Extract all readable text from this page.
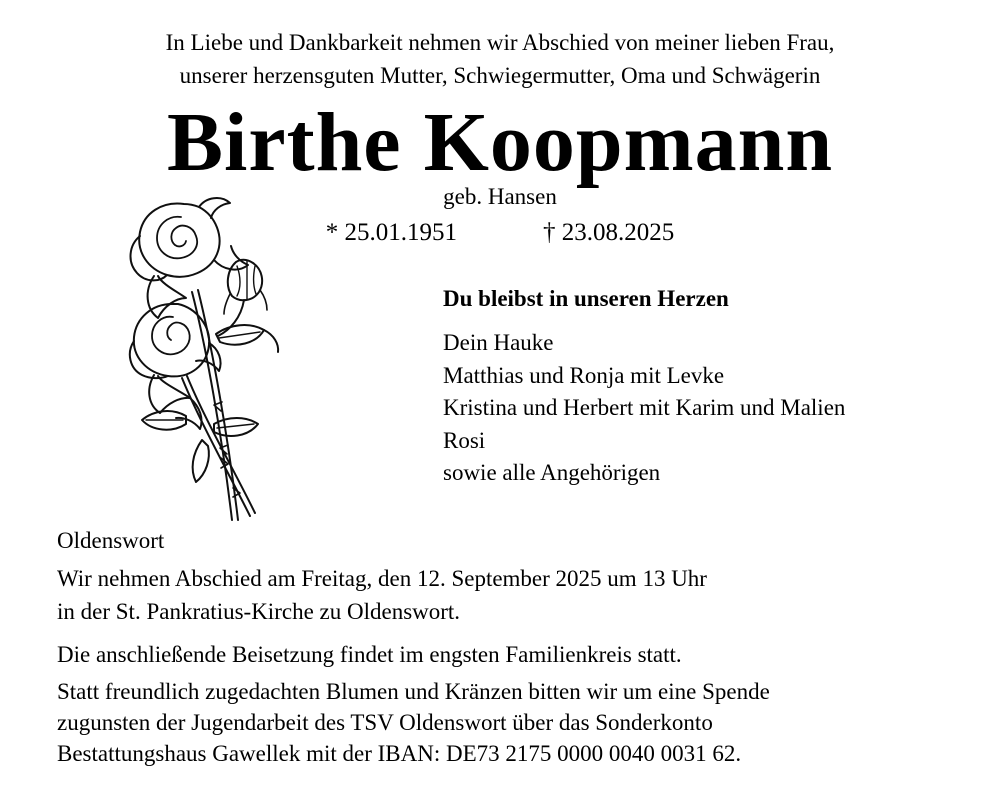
In Liebe und Dankbarkeit nehmen wir Abschied von meiner lieben Frau,
unserer herzensguten Mutter, Schwiegermutter, Oma und Schwägerin
Birthe Koopmann
geb. Hansen
* 25.01.1951	† 23.08.2025
Du bleibst in unseren Herzen
Dein Hauke
Matthias und Ronja mit Levke
Kristina und Herbert mit Karim und Malien
Rosi
sowie alle Angehörigen
Oldenswort
Wir nehmen Abschied am Freitag, den 12. September 2025 um 13 Uhr
in der St. Pankratius-Kirche zu Oldenswort.
Die anschließende Beisetzung findet im engsten Familienkreis statt.
Statt freundlich zugedachten Blumen und Kränzen bitten wir um eine Spende
zugunsten der Jugendarbeit des TSV Oldenswort über das Sonderkonto
Bestattungshaus Gawellek mit der IBAN: DE73 2175 0000 0040 0031 62.
